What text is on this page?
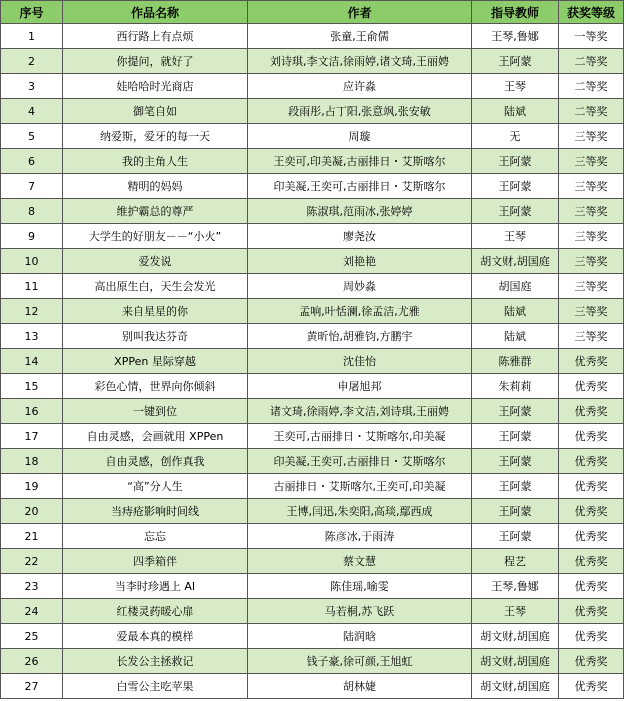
序号	作品名称	作者	指导教师	获奖等级
1	西行路上有点烦	张童,王俞儒	王琴,鲁娜	一等奖
2	你提问，就好了	刘诗琪,李文洁,徐雨婷,诸文琦,王丽娉	王阿蒙	二等奖
3	娃哈哈时光商店	应许淼	王琴	二等奖
4	御笔自如	段雨彤,占丁阳,张意飒,张安敏	陆斌	二等奖
5	纳爱斯，爱牙的每一天	周璇	无	三等奖
6	我的主角人生	王奕可,印美凝,古丽排日・艾斯喀尔	王阿蒙	三等奖
7	精明的妈妈	印美凝,王奕可,古丽排日・艾斯喀尔	王阿蒙	三等奖
8	维护霸总的尊严	陈淑琪,范雨冰,张婷婷	王阿蒙	三等奖
9	大学生的好朋友－－“小火”	廖尧汝	王琴	三等奖
10	爱发说	刘艳艳	胡文财,胡国庭	三等奖
11	高出原生白，天生会发光	周妙淼	胡国庭	三等奖
12	来自星星的你	孟响,叶恬澜,徐孟洁,尤雅	陆斌	三等奖
13	别叫我达芬奇	黄昕怡,胡雅钧,方鹏宇	陆斌	三等奖
14	XPPen 星际穿越	沈佳怡	陈雅群	优秀奖
15	彩色心情，世界向你倾斜	申屠旭邦	朱莉莉	优秀奖
16	一键到位	诸文琦,徐雨婷,李文洁,刘诗琪,王丽娉	王阿蒙	优秀奖
17	自由灵感，会画就用 XPPen	王奕可,古丽排日・艾斯喀尔,印美凝	王阿蒙	优秀奖
18	自由灵感，创作真我	印美凝,王奕可,古丽排日・艾斯喀尔	王阿蒙	优秀奖
19	“高”分人生	古丽排日・艾斯喀尔,王奕可,印美凝	王阿蒙	优秀奖
20	当痔疮影响时间线	王博,闫迅,朱奕阳,高琰,鄢西成	王阿蒙	优秀奖
21	忘忘	陈彦冰,于雨涛	王阿蒙	优秀奖
22	四季箱伴	蔡文慧	程艺	优秀奖
23	当李时珍遇上 AI	陈佳瑶,喻雯	王琴,鲁娜	优秀奖
24	红楼灵药暖心扉	马若桐,苏飞跃	王琴	优秀奖
25	爱最本真的模样	陆润晗	胡文财,胡国庭	优秀奖
26	长发公主拯救记	钱子豪,徐可颜,王旭虹	胡文财,胡国庭	优秀奖
27	白雪公主吃苹果	胡林婕	胡文财,胡国庭	优秀奖
